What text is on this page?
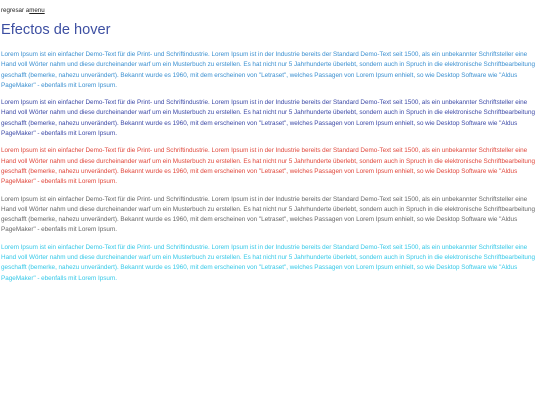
regresar amenu
Efectos de hover

Lorem Ipsum ist ein einfacher Demo-Text für die Print- und Schriftindustrie. Lorem Ipsum ist in der Industrie bereits der Standard Demo-Text seit 1500, als ein unbekannter Schriftsteller eine Hand voll Wörter nahm und diese durcheinander warf um ein Musterbuch zu erstellen. Es hat nicht nur 5 Jahrhunderte überlebt, sondern auch in Spruch in die elektronische Schriftbearbeitung geschafft (bemerke, nahezu unverändert). Bekannt wurde es 1960, mit dem erscheinen von "Letraset", welches Passagen von Lorem Ipsum enhielt, so wie Desktop Software wie "Aldus PageMaker" - ebenfalls mit Lorem Ipsum.

Lorem Ipsum ist ein einfacher Demo-Text für die Print- und Schriftindustrie. Lorem Ipsum ist in der Industrie bereits der Standard Demo-Text seit 1500, als ein unbekannter Schriftsteller eine Hand voll Wörter nahm und diese durcheinander warf um ein Musterbuch zu erstellen. Es hat nicht nur 5 Jahrhunderte überlebt, sondern auch in Spruch in die elektronische Schriftbearbeitung geschafft (bemerke, nahezu unverändert). Bekannt wurde es 1960, mit dem erscheinen von "Letraset", welches Passagen von Lorem Ipsum enhielt, so wie Desktop Software wie "Aldus PageMaker" - ebenfalls mit Lorem Ipsum.

Lorem Ipsum ist ein einfacher Demo-Text für die Print- und Schriftindustrie. Lorem Ipsum ist in der Industrie bereits der Standard Demo-Text seit 1500, als ein unbekannter Schriftsteller eine Hand voll Wörter nahm und diese durcheinander warf um ein Musterbuch zu erstellen. Es hat nicht nur 5 Jahrhunderte überlebt, sondern auch in Spruch in die elektronische Schriftbearbeitung geschafft (bemerke, nahezu unverändert). Bekannt wurde es 1960, mit dem erscheinen von "Letraset", welches Passagen von Lorem Ipsum enhielt, so wie Desktop Software wie "Aldus PageMaker" - ebenfalls mit Lorem Ipsum.

Lorem Ipsum ist ein einfacher Demo-Text für die Print- und Schriftindustrie. Lorem Ipsum ist in der Industrie bereits der Standard Demo-Text seit 1500, als ein unbekannter Schriftsteller eine Hand voll Wörter nahm und diese durcheinander warf um ein Musterbuch zu erstellen. Es hat nicht nur 5 Jahrhunderte überlebt, sondern auch in Spruch in die elektronische Schriftbearbeitung geschafft (bemerke, nahezu unverändert). Bekannt wurde es 1960, mit dem erscheinen von "Letraset", welches Passagen von Lorem Ipsum enhielt, so wie Desktop Software wie "Aldus PageMaker" - ebenfalls mit Lorem Ipsum.

Lorem Ipsum ist ein einfacher Demo-Text für die Print- und Schriftindustrie. Lorem Ipsum ist in der Industrie bereits der Standard Demo-Text seit 1500, als ein unbekannter Schriftsteller eine Hand voll Wörter nahm und diese durcheinander warf um ein Musterbuch zu erstellen. Es hat nicht nur 5 Jahrhunderte überlebt, sondern auch in Spruch in die elektronische Schriftbearbeitung geschafft (bemerke, nahezu unverändert). Bekannt wurde es 1960, mit dem erscheinen von "Letraset", welches Passagen von Lorem Ipsum enhielt, so wie Desktop Software wie "Aldus PageMaker" - ebenfalls mit Lorem Ipsum.
